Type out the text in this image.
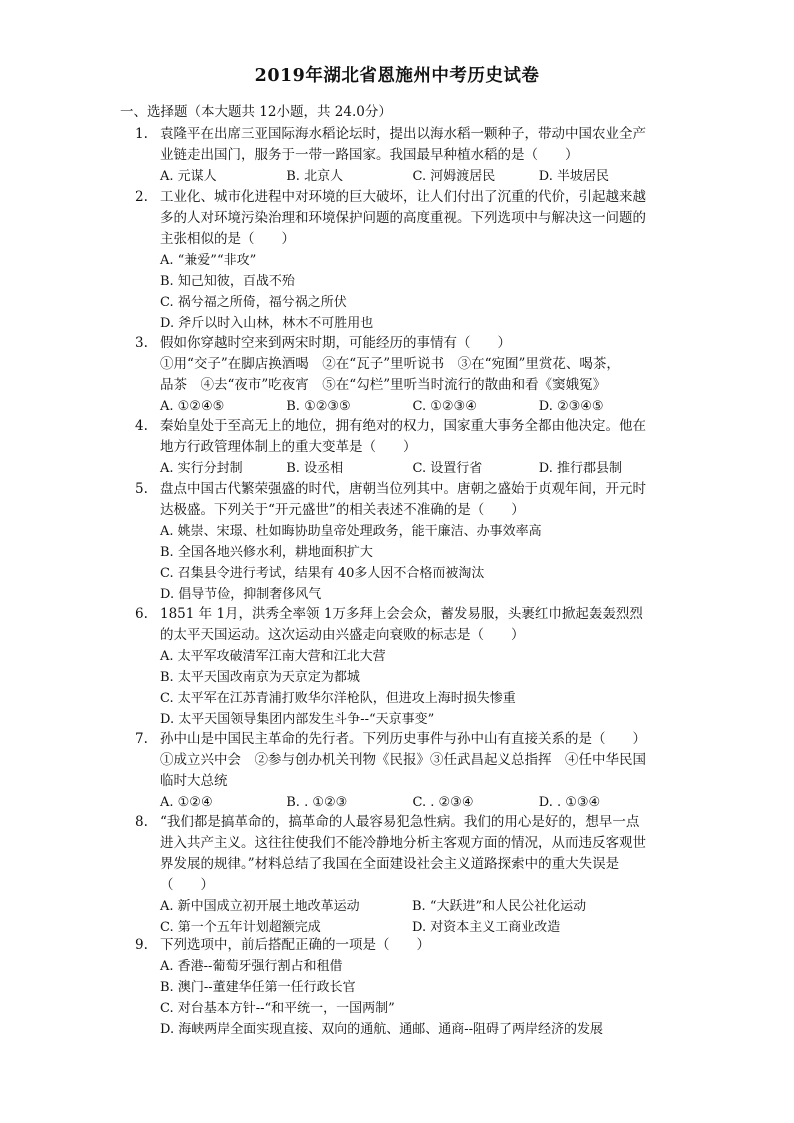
2019年湖北省恩施州中考历史试卷
一、选择题（本大题共 12小题，共 24.0分）
1. 袁隆平在出席三亚国际海水稻论坛时，提出以海水稻一颗种子，带动中国农业全产
业链走出国门，服务于一带一路国家。我国最早种植水稻的是（　　）
A. 元谋人	B. 北京人	C. 河姆渡居民	D. 半坡居民
2. 工业化、城市化进程中对环境的巨大破坏，让人们付出了沉重的代价，引起越来越
多的人对环境污染治理和环境保护问题的高度重视。下列选项中与解决这一问题的
主张相似的是（　　）
A. “兼爱”“非攻”
B. 知己知彼，百战不殆
C. 祸兮福之所倚，福兮祸之所伏
D. 斧斤以时入山林，林木不可胜用也
3. 假如你穿越时空来到两宋时期，可能经历的事情有（　　）
①用“交子”在脚店换酒喝　②在“瓦子”里听说书　③在“宛囿”里赏花、喝茶，
品茶　④去“夜市”吃夜宵　⑤在“勾栏”里听当时流行的散曲和看《窦娥冤》
A. ①②④⑤	B. ①②③⑤	C. ①②③④	D. ②③④⑤
4. 秦始皇处于至高无上的地位，拥有绝对的权力，国家重大事务全都由他决定。他在
地方行政管理体制上的重大变革是（　　）
A. 实行分封制	B. 设丞相	C. 设置行省	D. 推行郡县制
5. 盘点中国古代繁荣强盛的时代，唐朝当位列其中。唐朝之盛始于贞观年间，开元时
达极盛。下列关于“开元盛世”的相关表述不准确的是（　　）
A. 姚崇、宋璟、杜如晦协助皇帝处理政务，能干廉洁、办事效率高
B. 全国各地兴修水利，耕地面积扩大
C. 召集县令进行考试，结果有 40多人因不合格而被淘汰
D. 倡导节俭，抑制奢侈风气
6. 1851 年 1月，洪秀全率领 1万多拜上会会众，蓄发易服，头裹红巾掀起轰轰烈烈
的太平天国运动。这次运动由兴盛走向衰败的标志是（　　）
A. 太平军攻破清军江南大营和江北大营
B. 太平天国改南京为天京定为都城
C. 太平军在江苏青浦打败华尔洋枪队，但进攻上海时损失惨重
D. 太平天国领导集团内部发生斗争--“天京事变”
7. 孙中山是中国民主革命的先行者。下列历史事件与孙中山有直接关系的是（　　）
①成立兴中会　②参与创办机关刊物《民报》③任武昌起义总指挥　④任中华民国
临时大总统
A. ①②④	B. . ①②③	C. . ②③④	D. . ①③④
8. “我们都是搞革命的，搞革命的人最容易犯急性病。我们的用心是好的，想早一点
进入共产主义。这往往使我们不能冷静地分析主客观方面的情况，从而违反客观世
界发展的规律。”材料总结了我国在全面建设社会主义道路探索中的重大失误是
（　　）
A. 新中国成立初开展土地改革运动	B. “大跃进”和人民公社化运动
C. 第一个五年计划超额完成	D. 对资本主义工商业改造
9. 下列选项中，前后搭配正确的一项是（　　）
A. 香港--葡萄牙强行割占和租借
B. 澳门--董建华任第一任行政长官
C. 对台基本方针--“和平统一，一国两制”
D. 海峡两岸全面实现直接、双向的通航、通邮、通商--阻碍了两岸经济的发展
